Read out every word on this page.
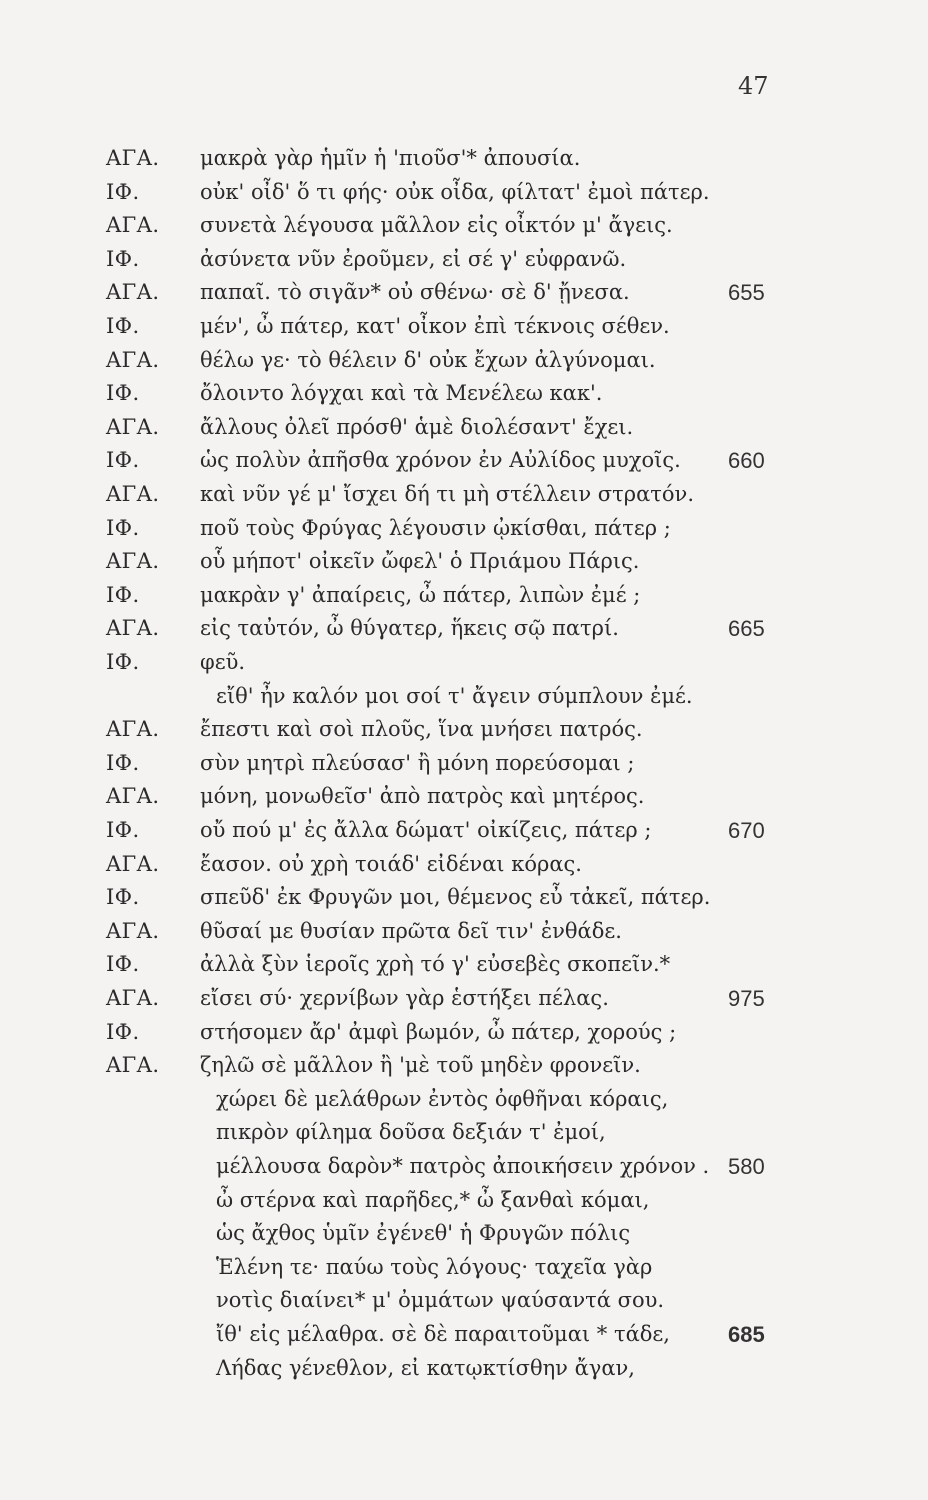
47
ΑΓΑ. μακρὰ γὰρ ἡμῖν ἡ 'πιοῦσ'* ἀπουσία.
ΙΦ.	οὐκ' οἶδ' ὅ τι φής· οὐκ οἶδα, φίλτατ' ἐμοὶ πάτερ.
ΑΓΑ. συνετὰ λέγουσα μᾶλλον εἰς οἶκτόν μ' ἄγεις.
ΙΦ.	ἀσύνετα νῦν ἐροῦμεν, εἰ σέ γ' εὐφρανῶ.
ΑΓΑ. παπαῖ. τὸ σιγᾶν* οὐ σθένω· σὲ δ' ᾔνεσα.	655
ΙΦ.	μέν', ὦ πάτερ, κατ' οἶκον ἐπὶ τέκνοις σέθεν.
ΑΓΑ. θέλω γε· τὸ θέλειν δ' οὐκ ἔχων ἀλγύνομαι.
ΙΦ.	ὄλοιντο λόγχαι καὶ τὰ Μενέλεω κακ'.
ΑΓΑ. ἄλλους ὀλεῖ πρόσθ' ἁμὲ διολέσαντ' ἔχει.
ΙΦ.	ὡς πολὺν ἀπῆσθα χρόνον ἐν Αὐλίδος μυχοῖς. 660
ΑΓΑ. καὶ νῦν γέ μ' ἴσχει δή τι μὴ στέλλειν στρατόν.
ΙΦ.	ποῦ τοὺς Φρύγας λέγουσιν ᾠκίσθαι, πάτερ ;
ΑΓΑ. οὗ μήποτ' οἰκεῖν ὤφελ' ὁ Πριάμου Πάρις.
ΙΦ.	μακρὰν γ' ἀπαίρεις, ὦ πάτερ, λιπὼν ἐμέ ;
ΑΓΑ. εἰς ταὐτόν, ὦ θύγατερ, ἥκεις σῷ πατρί.	665
ΙΦ.	φεῦ.
εἴθ' ἦν καλόν μοι σοί τ' ἄγειν σύμπλουν ἐμέ.
ΑΓΑ. ἔπεστι καὶ σοὶ πλοῦς, ἵνα μνήσει πατρός.
ΙΦ.	σὺν μητρὶ πλεύσασ' ἢ μόνη πορεύσομαι ;
ΑΓΑ. μόνη, μονωθεῖσ' ἀπὸ πατρὸς καὶ μητέρος.
ΙΦ.	οὔ πού μ' ἐς ἄλλα δώματ' οἰκίζεις, πάτερ ;	670
ΑΓΑ. ἔασον. οὐ χρὴ τοιάδ' εἰδέναι κόρας.
ΙΦ.	σπεῦδ' ἐκ Φρυγῶν μοι, θέμενος εὖ τἀκεῖ, πάτερ.
ΑΓΑ. θῦσαί με θυσίαν πρῶτα δεῖ τιν' ἐνθάδε.
ΙΦ.	ἀλλὰ ξὺν ἱεροῖς χρὴ τό γ' εὐσεβὲς σκοπεῖν.*
ΑΓΑ. εἴσει σύ· χερνίβων γὰρ ἑστήξει πέλας.	975
ΙΦ.	στήσομεν ἄρ' ἀμφὶ βωμόν, ὦ πάτερ, χορούς ;
ΑΓΑ. ζηλῶ σὲ μᾶλλον ἢ 'μὲ τοῦ μηδὲν φρονεῖν.
χώρει δὲ μελάθρων ἐντὸς ὀφθῆναι κόραις,
πικρὸν φίλημα δοῦσα δεξιάν τ' ἐμοί,
μέλλουσα δαρὸν* πατρὸς ἀποικήσειν χρόνον . 580
ὦ στέρνα καὶ παρῆδες,* ὦ ξανθαὶ κόμαι,
ὡς ἄχθος ὑμῖν ἐγένεθ' ἡ Φρυγῶν πόλις
Ἑλένη τε· παύω τοὺς λόγους· ταχεῖα γὰρ
νοτὶς διαίνει* μ' ὀμμάτων ψαύσαντά σου.
ἴθ' εἰς μέλαθρα. σὲ δὲ παραιτοῦμαι * τάδε,	685
Λήδας γένεθλον, εἰ κατῳκτίσθην ἄγαν,
